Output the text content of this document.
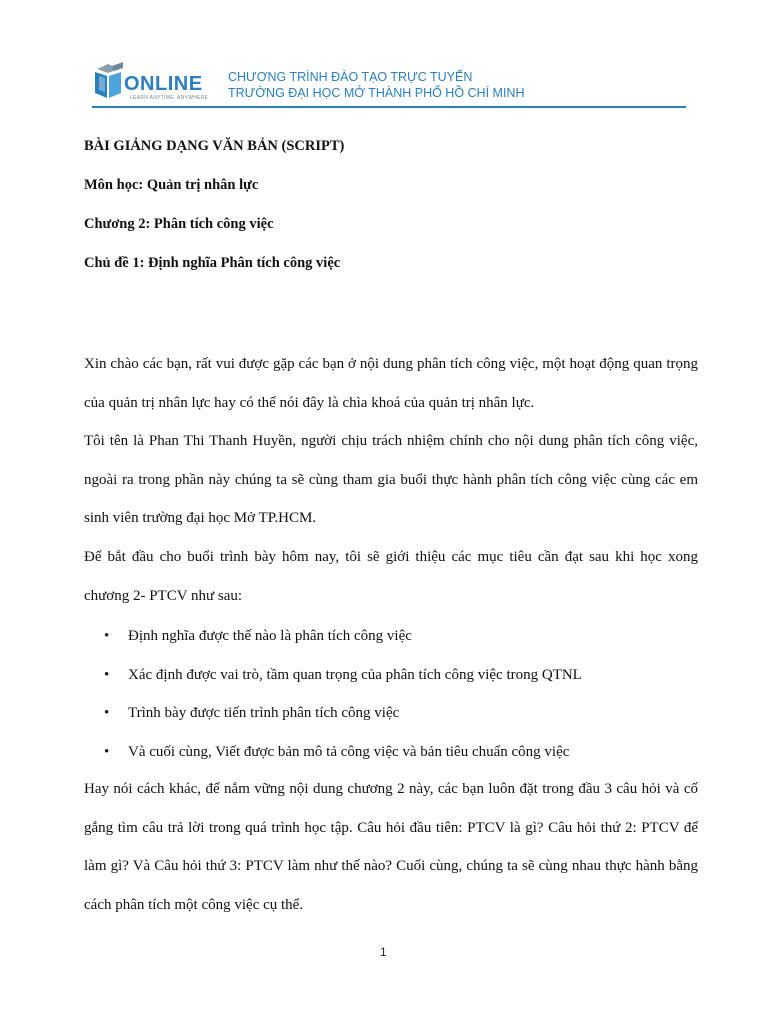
ONLINE
LEARN ANYTIME, ANYWHERE
CHƯƠNG TRÌNH ĐÀO TẠO TRỰC TUYẾN
TRƯỜNG ĐẠI HỌC MỞ THÀNH PHỐ HỒ CHÍ MINH
BÀI GIẢNG DẠNG VĂN BẢN (SCRIPT)
Môn học: Quản trị nhân lực
Chương 2: Phân tích công việc
Chủ đề 1: Định nghĩa Phân tích công việc
Xin chào các bạn, rất vui được gặp các bạn ở nội dung phân tích công việc, một hoạt động quan trọng của quản trị nhân lực hay có thể nói đây là chìa khoá của quản trị nhân lực.
Tôi tên là Phan Thi Thanh Huyền, người chịu trách nhiệm chính cho nội dung phân tích công việc, ngoài ra trong phần này chúng ta sẽ cùng tham gia buổi thực hành phân tích công việc cùng các em sinh viên trường đại học Mở TP.HCM.
Để bắt đầu cho buổi trình bày hôm nay, tôi sẽ giới thiệu các mục tiêu cần đạt sau khi học xong chương 2- PTCV như sau:
• Định nghĩa được thế nào là phân tích công việc
• Xác định được vai trò, tầm quan trọng của phân tích công việc trong QTNL
• Trình bày được tiến trình phân tích công việc
• Và cuối cùng, Viết được bản mô tả công việc và bản tiêu chuẩn công việc
Hay nói cách khác, để nắm vững nội dung chương 2 này, các bạn luôn đặt trong đầu 3 câu hỏi và cố gắng tìm câu trả lời trong quá trình học tập. Câu hỏi đầu tiên: PTCV là gì? Câu hỏi thứ 2: PTCV để làm gì? Và Câu hỏi thứ 3: PTCV làm như thế nào? Cuối cùng, chúng ta sẽ cùng nhau thực hành bằng cách phân tích một công việc cụ thể.
1
